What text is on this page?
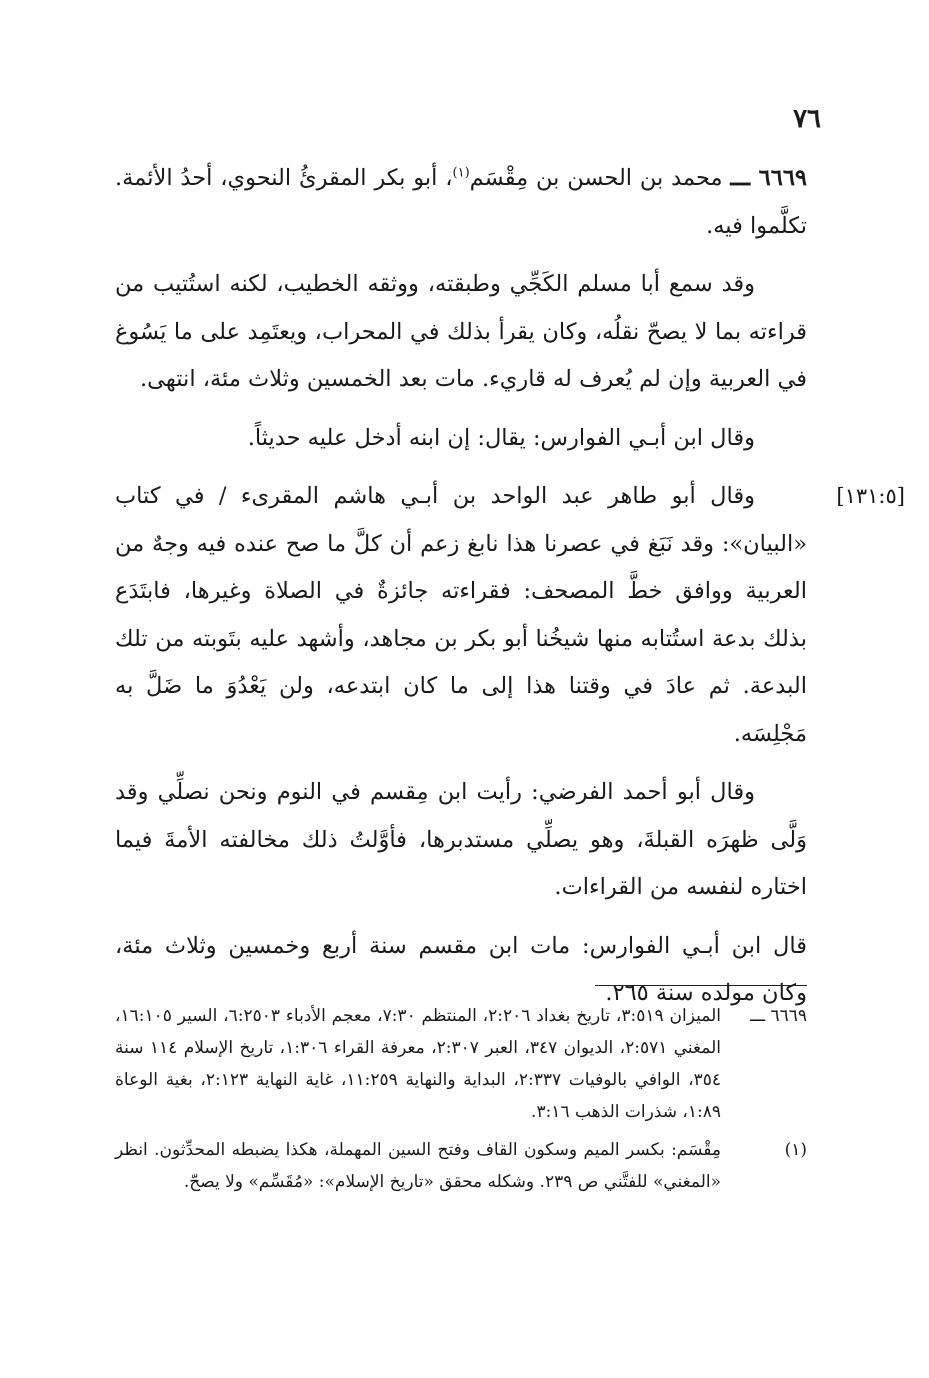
٧٦

٦٦٦٩ ـــ محمد بن الحسن بن مِقْسَم$^{(١)}$، أبو بكر المقرئُ النحوي، أحدُ الأئمة. تكلَّموا فيه.

وقد سمع أبا مسلم الكَجِّي وطبقته، ووثقه الخطيب، لكنه استُتيب من قراءته بما لا يصحّ نقلُه، وكان يقرأ بذلك في المحراب، ويعتَمِد على ما يَسُوغ في العربية وإن لم يُعرف له قاريء. مات بعد الخمسين وثلاث مئة، انتهى.

وقال ابن أبـي الفوارس: يقال: إن ابنه أدخل عليه حديثاً.

[١٣١:٥]

وقال أبو طاهر عبد الواحد بن أبـي هاشم المقرىء / في كتاب «البيان»: وقد نَبَغ في عصرنا هذا نابغ زعم أن كلَّ ما صح عنده فيه وجهٌ من العربية ووافق خطَّ المصحف: فقراءته جائزةٌ في الصلاة وغيرها، فابتَدَع بذلك بدعة استُتابه منها شيخُنا أبو بكر بن مجاهد، وأشهد عليه بتَوبته من تلك البدعة. ثم عادَ في وقتنا هذا إلى ما كان ابتدعه، ولن يَعْدُوَ ما ضَلَّ به مَجْلِسَه.

وقال أبو أحمد الفرضي: رأيت ابن مِقسم في النوم ونحن نصلِّي وقد وَلَّى ظهرَه القبلةَ، وهو يصلِّي مستدبرها، فأوَّلتُ ذلك مخالفته الأمةَ فيما اختاره لنفسه من القراءات.

قال ابن أبـي الفوارس: مات ابن مقسم سنة أربع وخمسين وثلاث مئة، وكان مولده سنة ٢٦٥.

٦٦٦٩ ـــ
الميزان ٣:٥١٩، تاريخ بغداد ٢:٢٠٦، المنتظم ٧:٣٠، معجم الأدباء ٦:٢٥٠٣، السير ١٦:١٠٥، المغني ٢:٥٧١، الديوان ٣٤٧، العبر ٢:٣٠٧، معرفة القراء ١:٣٠٦، تاريخ الإسلام ١١٤ سنة ٣٥٤، الوافي بالوفيات ٢:٣٣٧، البداية والنهاية ١١:٢٥٩، غاية النهاية ٢:١٢٣، بغية الوعاة ١:٨٩، شذرات الذهب ٣:١٦.
(١)
مِقْسَم: بكسر الميم وسكون القاف وفتح السين المهملة، هكذا يضبطه المحدِّثون. انظر «المغني» للفتَّني ص ٢٣٩. وشكله محقق «تاريخ الإسلام»: «مُقَسِّم» ولا يصحّ.
